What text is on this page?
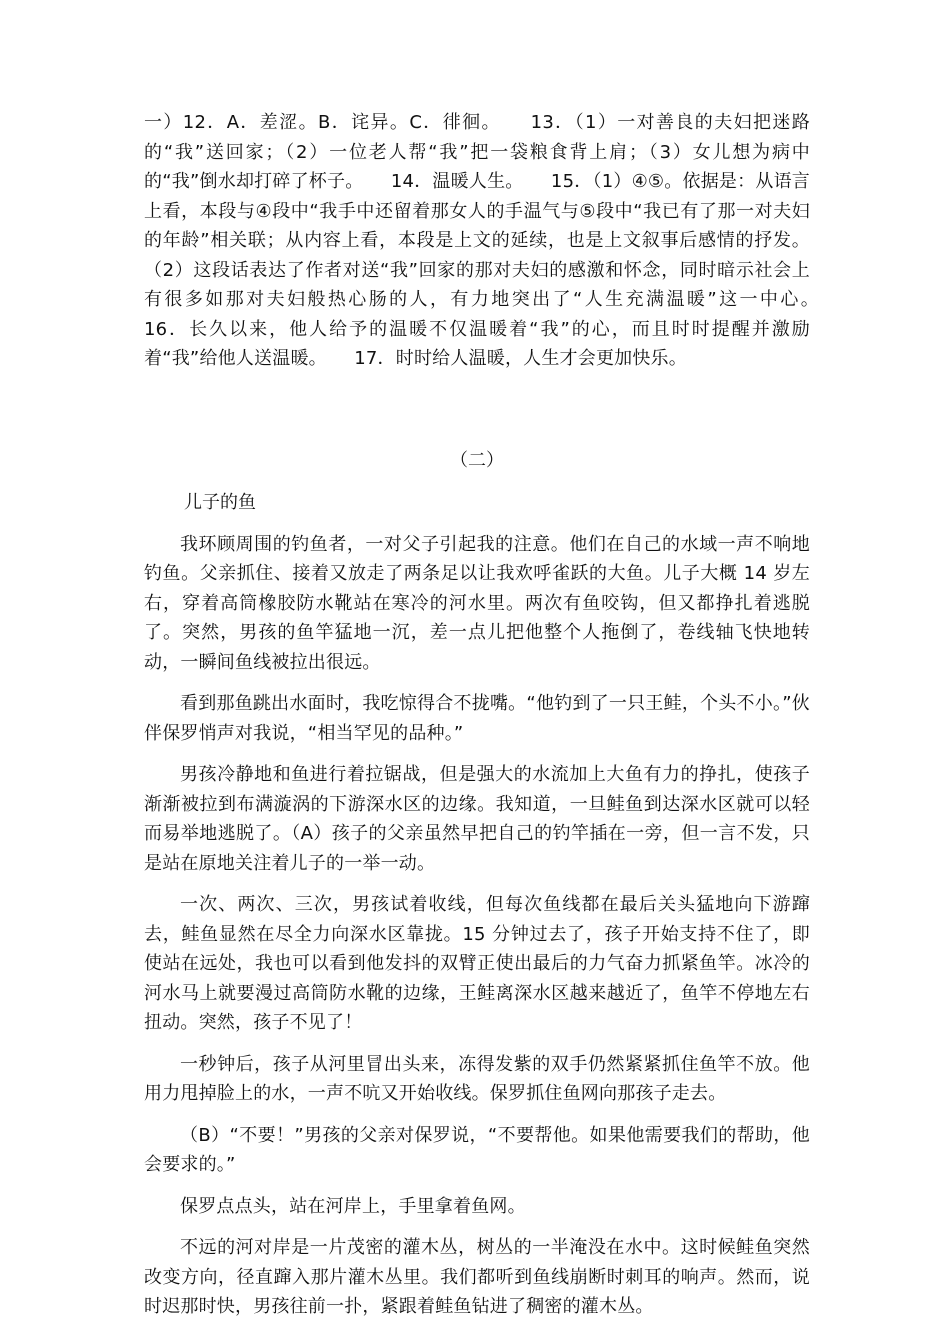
一）12．A．差涩。B．诧异。C．徘徊。　　13．（1）一对善良的夫妇把迷路的“我”送回家；（2）一位老人帮“我”把一袋粮食背上肩；（3）女儿想为病中的“我”倒水却打碎了杯子。　　14．温暖人生。　　15．（1）④⑤。依据是：从语言上看，本段与④段中“我手中还留着那女人的手温气与⑤段中“我已有了那一对夫妇的年龄”相关联；从内容上看，本段是上文的延续，也是上文叙事后感情的抒发。（2）这段话表达了作者对送“我”回家的那对夫妇的感激和怀念，同时暗示社会上有很多如那对夫妇般热心肠的人，有力地突出了“人生充满温暖”这一中心。　　16．长久以来，他人给予的温暖不仅温暖着“我”的心，而且时时提醒并激励着“我”给他人送温暖。　　17．时时给人温暖，人生才会更加快乐。

（二）
儿子的鱼

我环顾周围的钓鱼者，一对父子引起我的注意。他们在自己的水域一声不响地钓鱼。父亲抓住、接着又放走了两条足以让我欢呼雀跃的大鱼。儿子大概 14 岁左右，穿着高筒橡胶防水靴站在寒冷的河水里。两次有鱼咬钩，但又都挣扎着逃脱了。突然，男孩的鱼竿猛地一沉，差一点儿把他整个人拖倒了，卷线轴飞快地转动，一瞬间鱼线被拉出很远。

看到那鱼跳出水面时，我吃惊得合不拢嘴。“他钓到了一只王鲑，个头不小。”伙伴保罗悄声对我说，“相当罕见的品种。”

男孩冷静地和鱼进行着拉锯战，但是强大的水流加上大鱼有力的挣扎，使孩子渐渐被拉到布满漩涡的下游深水区的边缘。我知道，一旦鲑鱼到达深水区就可以轻而易举地逃脱了。（A）孩子的父亲虽然早把自己的钓竿插在一旁，但一言不发，只是站在原地关注着儿子的一举一动。

一次、两次、三次，男孩试着收线，但每次鱼线都在最后关头猛地向下游蹿去，鲑鱼显然在尽全力向深水区靠拢。15 分钟过去了，孩子开始支持不住了，即使站在远处，我也可以看到他发抖的双臂正使出最后的力气奋力抓紧鱼竿。冰冷的河水马上就要漫过高筒防水靴的边缘，王鲑离深水区越来越近了，鱼竿不停地左右扭动。突然，孩子不见了！

一秒钟后，孩子从河里冒出头来，冻得发紫的双手仍然紧紧抓住鱼竿不放。他用力甩掉脸上的水，一声不吭又开始收线。保罗抓住鱼网向那孩子走去。

（B）“不要！”男孩的父亲对保罗说，“不要帮他。如果他需要我们的帮助，他会要求的。”

保罗点点头，站在河岸上，手里拿着鱼网。

不远的河对岸是一片茂密的灌木丛，树丛的一半淹没在水中。这时候鲑鱼突然改变方向，径直蹿入那片灌木丛里。我们都听到鱼线崩断时刺耳的响声。然而，说时迟那时快，男孩往前一扑，紧跟着鲑鱼钻进了稠密的灌木丛。
